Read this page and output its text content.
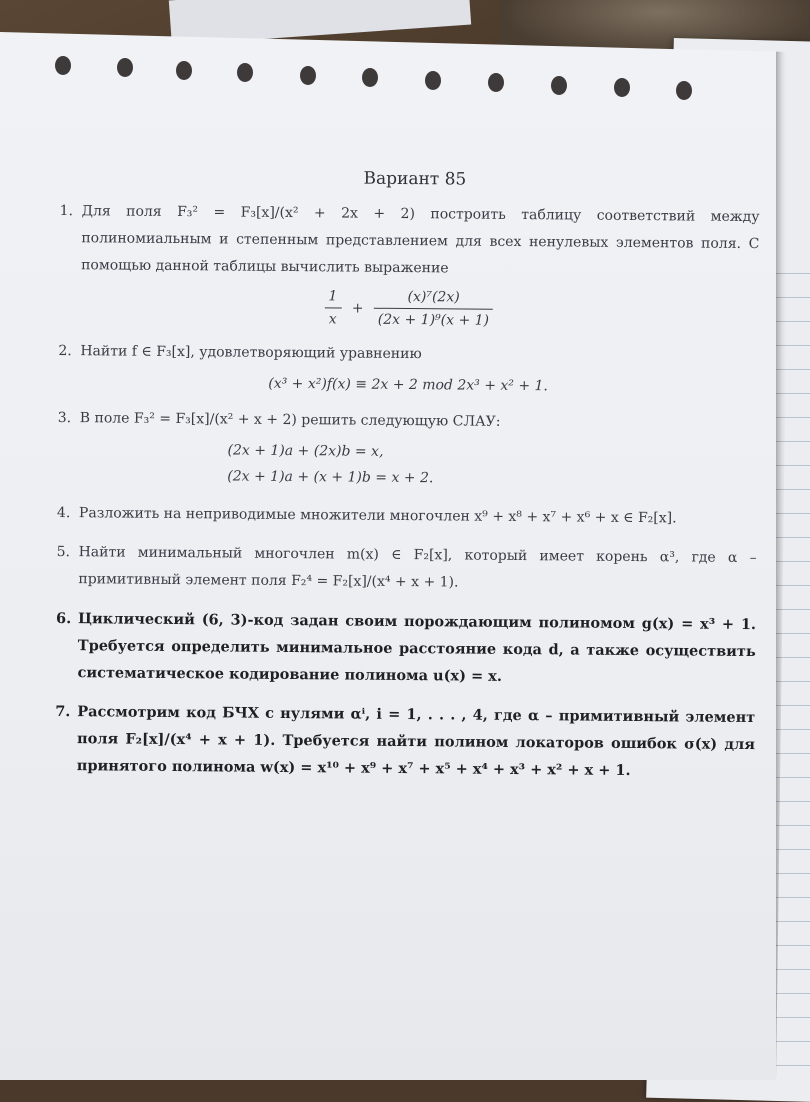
Вариант 85
1. Для поля F₃² = F₃[x]/(x² + 2x + 2) построить таблицу соответствий между полиномиальным и степенным представлением для всех ненулевых элементов поля. С помощью данной таблицы вычислить выражение
$\frac{1}{x} + \frac{\text{(x)⁷(2x)}}{\text{(2x + 1)⁹(x + 1)}}$
2. Найти f ∈ F₃[x], удовлетворяющий уравнению
(x³ + x²)f(x) ≡ 2x + 2 mod 2x³ + x² + 1.
3. В поле F₃² = F₃[x]/(x² + x + 2) решить следующую СЛАУ:
(2x + 1)a + (2x)b = x,
(2x + 1)a + (x + 1)b = x + 2.
4. Разложить на неприводимые множители многочлен x⁹ + x⁸ + x⁷ + x⁶ + x ∈ F₂[x].
5. Найти минимальный многочлен m(x) ∈ F₂[x], который имеет корень α³, где α – примитивный элемент поля F₂⁴ = F₂[x]/(x⁴ + x + 1).
6. Циклический (6, 3)-код задан своим порождающим полиномом g(x) = x³ + 1. Требуется определить минимальное расстояние кода d, а также осуществить систематическое кодирование полинома u(x) = x.
7. Рассмотрим код БЧХ с нулями αⁱ, i = 1, . . . , 4, где α – примитивный элемент поля F₂[x]/(x⁴ + x + 1). Требуется найти полином локаторов ошибок σ(x) для принятого полинома w(x) = x¹⁰ + x⁹ + x⁷ + x⁵ + x⁴ + x³ + x² + x + 1.
